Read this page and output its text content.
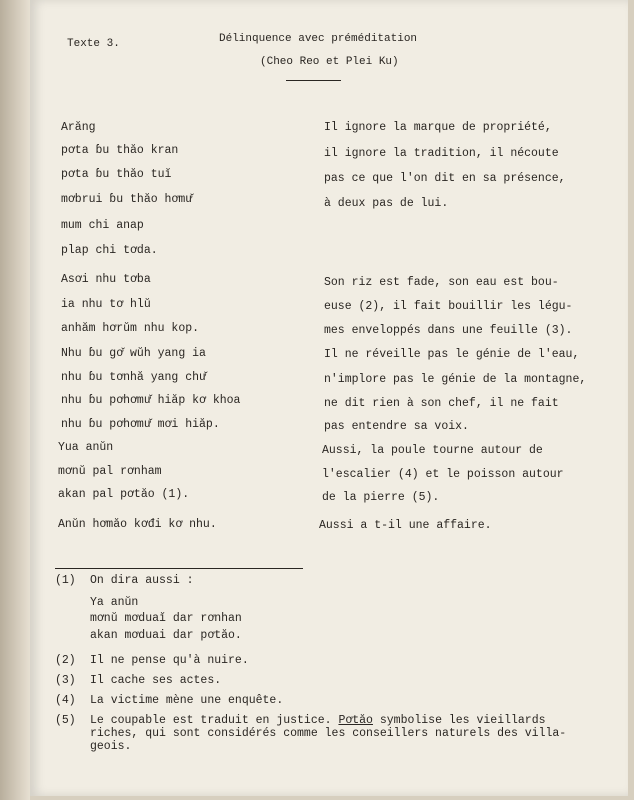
Texte 3.	Délinquence avec préméditation
(Cheo Reo et Plei Ku)
Arăng
pơta ɓu thăo kran
pơta ɓu thăo tuĭ
mơbrui ɓu thăo hơmư̆
mum chi anap
plap chi tơda.
Asơi nhu tơba
ia nhu tơ hlŭ
anhăm hơrŭm nhu kop.
Nhu ɓu gơ̆ wŭh yang ia
nhu ɓu tơnhă yang chư̆
nhu ɓu pơhơmư̆ hiăp kơ khoa
nhu ɓu pơhơmư̆ mơi hiăp.
Yua anŭn
mơnŭ pal rơnham
akan pal pơtăo (1).
Anŭn hơmăo kơđi kơ nhu.
Il ignore la marque de propriété,
il ignore la tradition, il nécoute
pas ce que l'on dit en sa présence,
à deux pas de lui.
Son riz est fade, son eau est bou-
euse (2), il fait bouillir les légu-
mes enveloppés dans une feuille (3).
Il ne réveille pas le génie de l'eau,
n'implore pas le génie de la montagne,
ne dit rien à son chef, il ne fait
pas entendre sa voix.
Aussi, la poule tourne autour de
l'escalier (4) et le poisson autour
de la pierre (5).
Aussi a t-il une affaire.
(1) On dira aussi :
Ya anŭn
mơnŭ mơduaĭ dar rơnhan
akan mơduai dar pơtăo.
(2) Il ne pense qu'à nuire.
(3) Il cache ses actes.
(4) La victime mène une enquête.
(5) Le coupable est traduit en justice. Pơtăo symbolise les vieillards
riches, qui sont considérés comme les conseillers naturels des villa-
geois.
